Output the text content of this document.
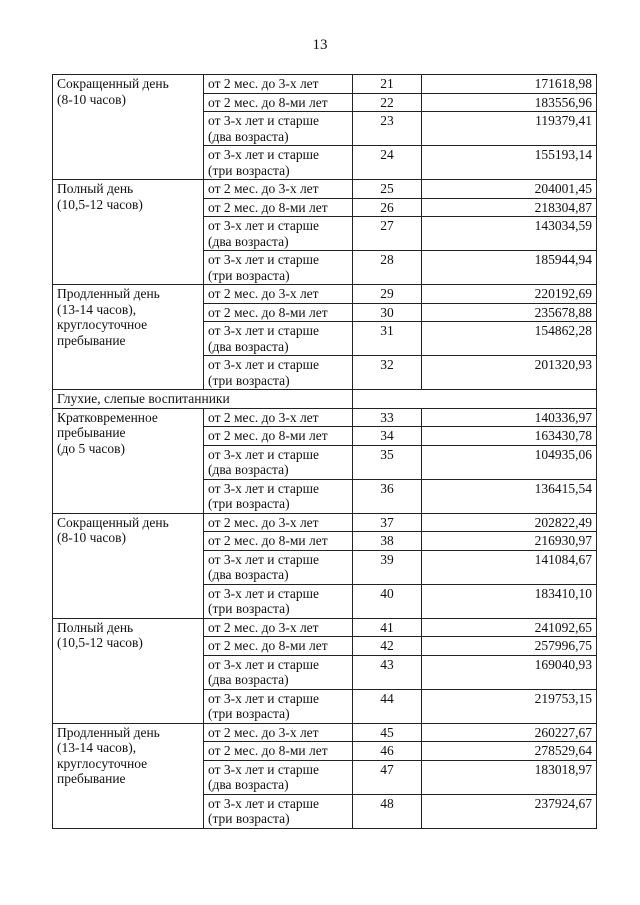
13
Сокращенный день
(8-10 часов)	от 2 мес. до 3-х лет	21	171618,98

	от 2 мес. до 8-ми лет	22	183556,96

	от 3-х лет и старше
(два возраста)	23	119379,41

	от 3-х лет и старше
(три возраста)	24	155193,14

Полный день
(10,5-12 часов)	от 2 мес. до 3-х лет	25	204001,45

	от 2 мес. до 8-ми лет	26	218304,87

	от 3-х лет и старше
(два возраста)	27	143034,59

	от 3-х лет и старше
(три возраста)	28	185944,94

Продленный день
(13-14 часов),
круглосуточное
пребывание	от 2 мес. до 3-х лет	29	220192,69

	от 2 мес. до 8-ми лет	30	235678,88

	от 3-х лет и старше
(два возраста)	31	154862,28

	от 3-х лет и старше
(три возраста)	32	201320,93
Глухие, слепые воспитанники			

Кратковременное
пребывание
(до 5 часов)	от 2 мес. до 3-х лет	33	140336,97

	от 2 мес. до 8-ми лет	34	163430,78

	от 3-х лет и старше
(два возраста)	35	104935,06

	от 3-х лет и старше
(три возраста)	36	136415,54

Сокращенный день
(8-10 часов)	от 2 мес. до 3-х лет	37	202822,49

	от 2 мес. до 8-ми лет	38	216930,97

	от 3-х лет и старше
(два возраста)	39	141084,67

	от 3-х лет и старше
(три возраста)	40	183410,10

Полный день
(10,5-12 часов)	от 2 мес. до 3-х лет	41	241092,65

	от 2 мес. до 8-ми лет	42	257996,75

	от 3-х лет и старше
(два возраста)	43	169040,93

	от 3-х лет и старше
(три возраста)	44	219753,15

Продленный день
(13-14 часов),
круглосуточное
пребывание	от 2 мес. до 3-х лет	45	260227,67

	от 2 мес. до 8-ми лет	46	278529,64

	от 3-х лет и старше
(два возраста)	47	183018,97

	от 3-х лет и старше
(три возраста)	48	237924,67
